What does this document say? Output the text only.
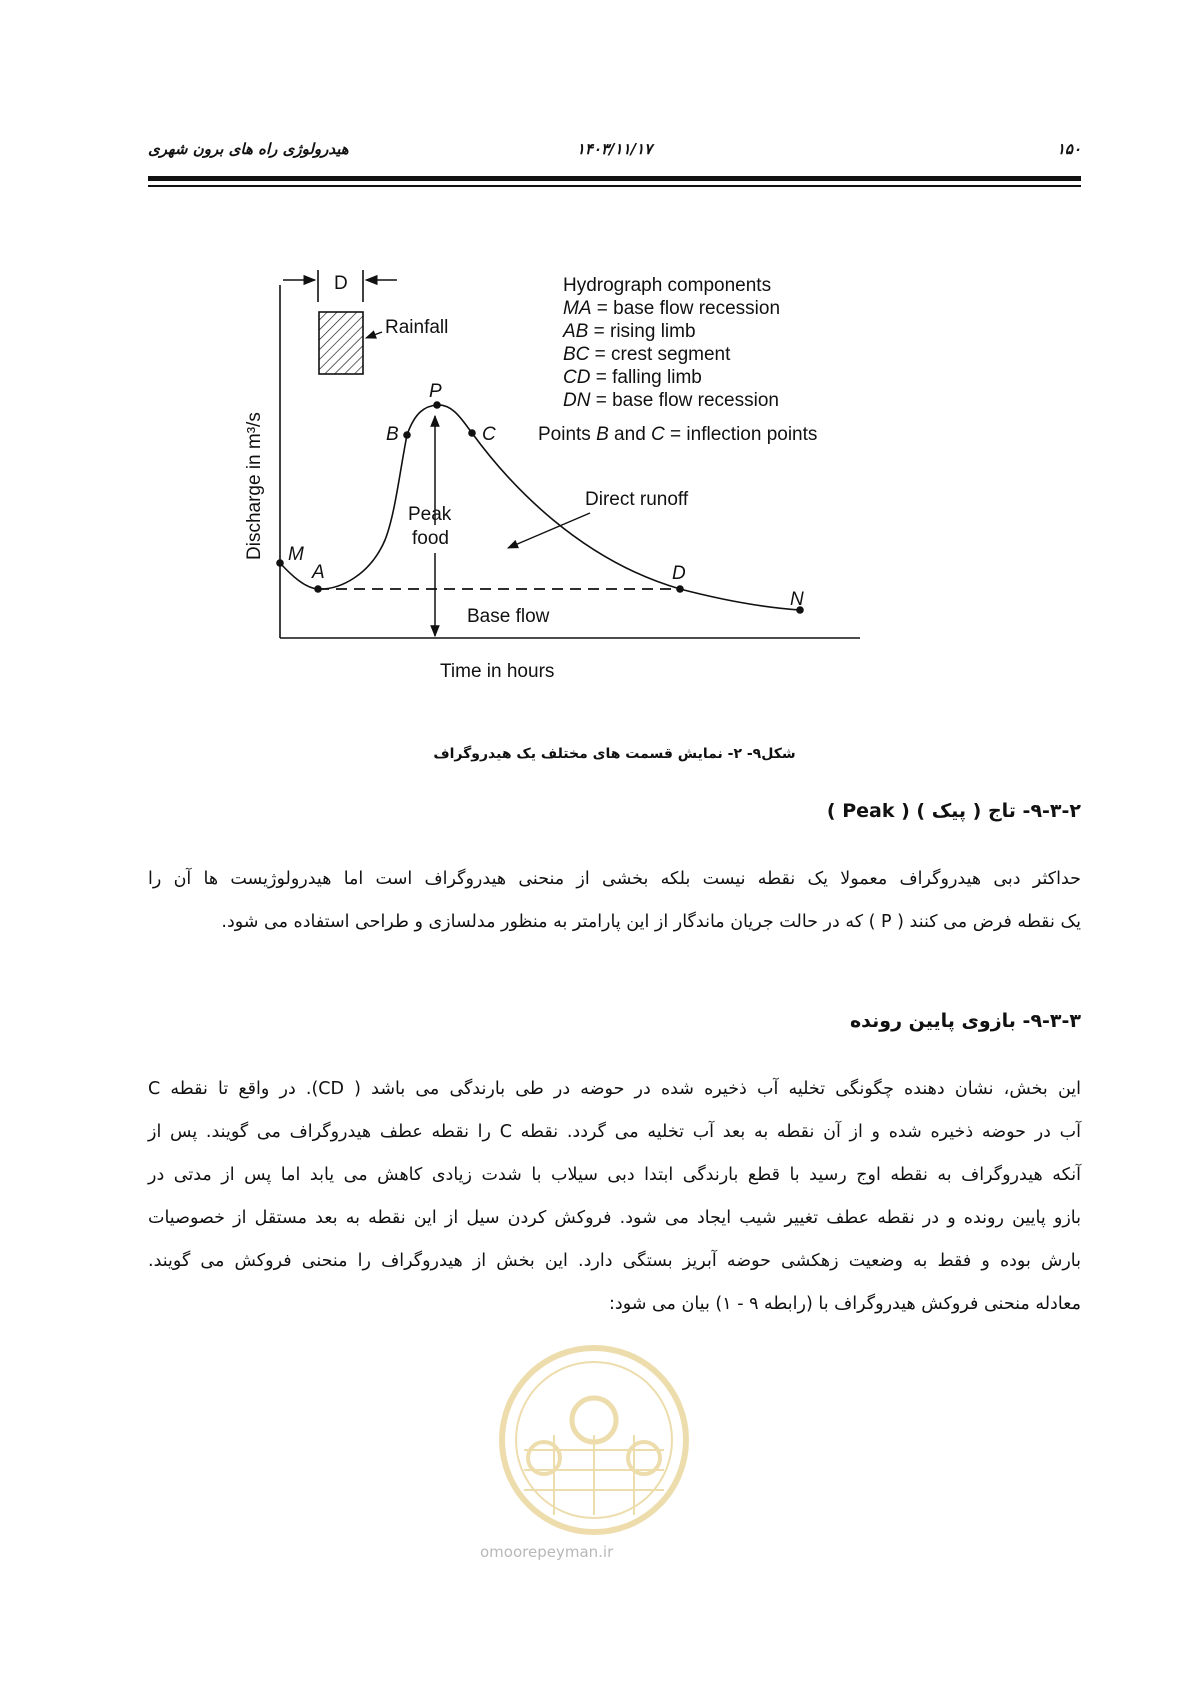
۱۵۰
۱۴۰۳/۱۱/۱۷
هیدرولوژی راه های برون شهری
D
Rainfall
Discharge in m³/s M
A
B
P
C
D
N
Peak
food
Base flow
Direct runoff
Hydrograph components
MA = base flow recession
AB = rising limb
BC = crest segment
CD = falling limb
DN = base flow recession
Points B and C = inflection points
Time in hours
شکل۹- ۲- نمایش قسمت های مختلف یک هیدروگراف
۹-۳-۲- تاج ( پیک ) ( Peak )

حداکثر دبی هیدروگراف معمولا یک نقطه نیست بلکه بخشی از منحنی هیدروگراف است اما هیدرولوژیست ها آن را

یک نقطه فرض می کنند ( P ) که در حالت جریان ماندگار از این پارامتر به منظور مدلسازی و طراحی استفاده می شود.

۹-۳-۳- بازوی پایین رونده

این بخش، نشان دهنده چگونگی تخلیه آب ذخیره شده در حوضه در طی بارندگی می باشد ( CD). در واقع تا نقطه C

آب در حوضه ذخیره شده و از آن نقطه به بعد آب تخلیه می گردد. نقطه C را نقطه عطف هیدروگراف می گویند. پس از

آنکه هیدروگراف به نقطه اوج رسید با قطع بارندگی ابتدا دبی سیلاب با شدت زیادی کاهش می یابد اما پس از مدتی در

بازو پایین رونده و در نقطه عطف تغییر شیب ایجاد می شود. فروکش کردن سیل از این نقطه به بعد مستقل از خصوصیات

بارش بوده و فقط به وضعیت زهکشی حوضه آبریز بستگی دارد. این بخش از هیدروگراف را منحنی فروکش می گویند.

معادله منحنی فروکش هیدروگراف با (رابطه ۹ - ۱) بیان می شود:

omoorepeyman.ir
